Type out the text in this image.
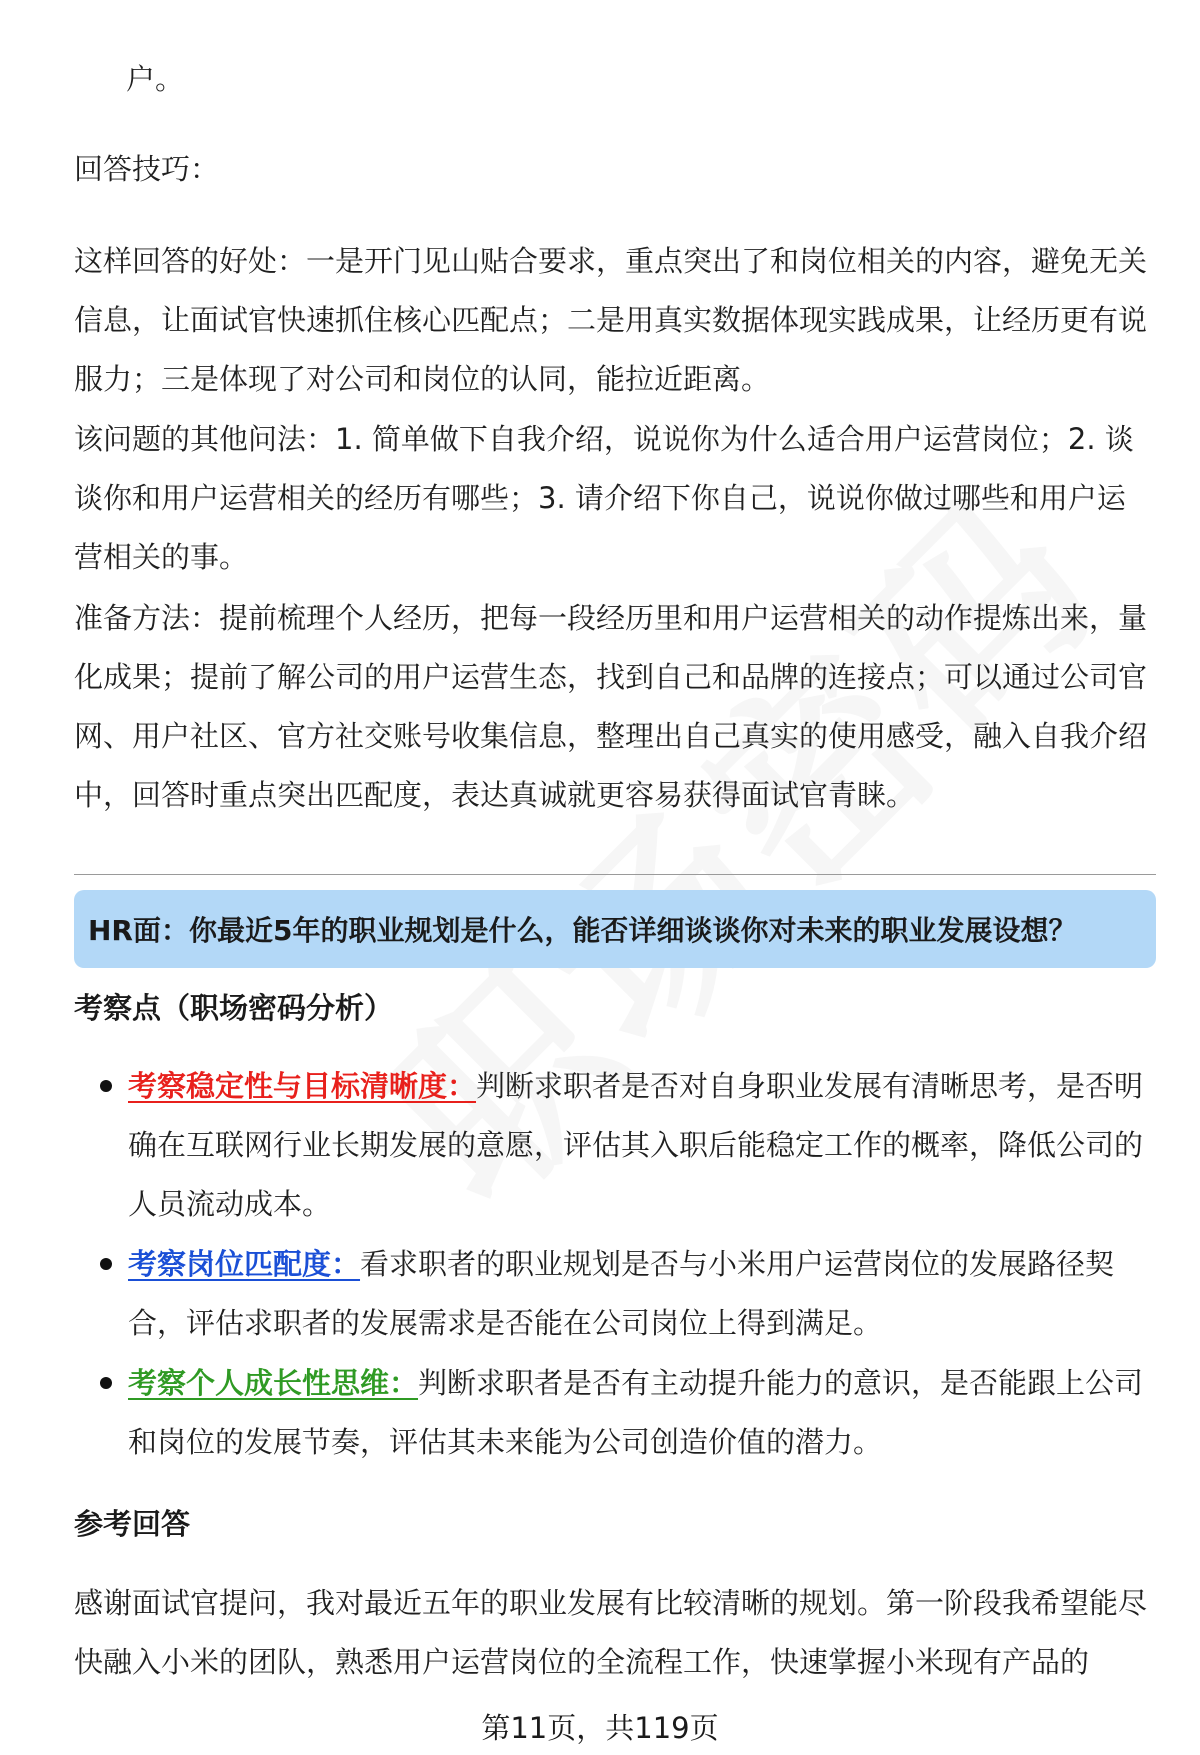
户。
回答技巧：
这样回答的好处：一是开门见山贴合要求，重点突出了和岗位相关的内容，避免无关信息，让面试官快速抓住核心匹配点；二是用真实数据体现实践成果，让经历更有说服力；三是体现了对公司和岗位的认同，能拉近距离。
该问题的其他问法：1. 简单做下自我介绍，说说你为什么适合用户运营岗位；2. 谈谈你和用户运营相关的经历有哪些；3. 请介绍下你自己，说说你做过哪些和用户运营相关的事。
准备方法：提前梳理个人经历，把每一段经历里和用户运营相关的动作提炼出来，量化成果；提前了解公司的用户运营生态，找到自己和品牌的连接点；可以通过公司官网、用户社区、官方社交账号收集信息，整理出自己真实的使用感受，融入自我介绍中，回答时重点突出匹配度，表达真诚就更容易获得面试官青睐。
HR面：你最近5年的职业规划是什么，能否详细谈谈你对未来的职业发展设想？
考察点（职场密码分析）
考察稳定性与目标清晰度：判断求职者是否对自身职业发展有清晰思考，是否明确在互联网行业长期发展的意愿，评估其入职后能稳定工作的概率，降低公司的人员流动成本。
考察岗位匹配度：看求职者的职业规划是否与小米用户运营岗位的发展路径契合，评估求职者的发展需求是否能在公司岗位上得到满足。
考察个人成长性思维：判断求职者是否有主动提升能力的意识，是否能跟上公司和岗位的发展节奏，评估其未来能为公司创造价值的潜力。
参考回答
感谢面试官提问，我对最近五年的职业发展有比较清晰的规划。第一阶段我希望能尽快融入小米的团队，熟悉用户运营岗位的全流程工作，快速掌握小米现有产品的
第11页，共119页
